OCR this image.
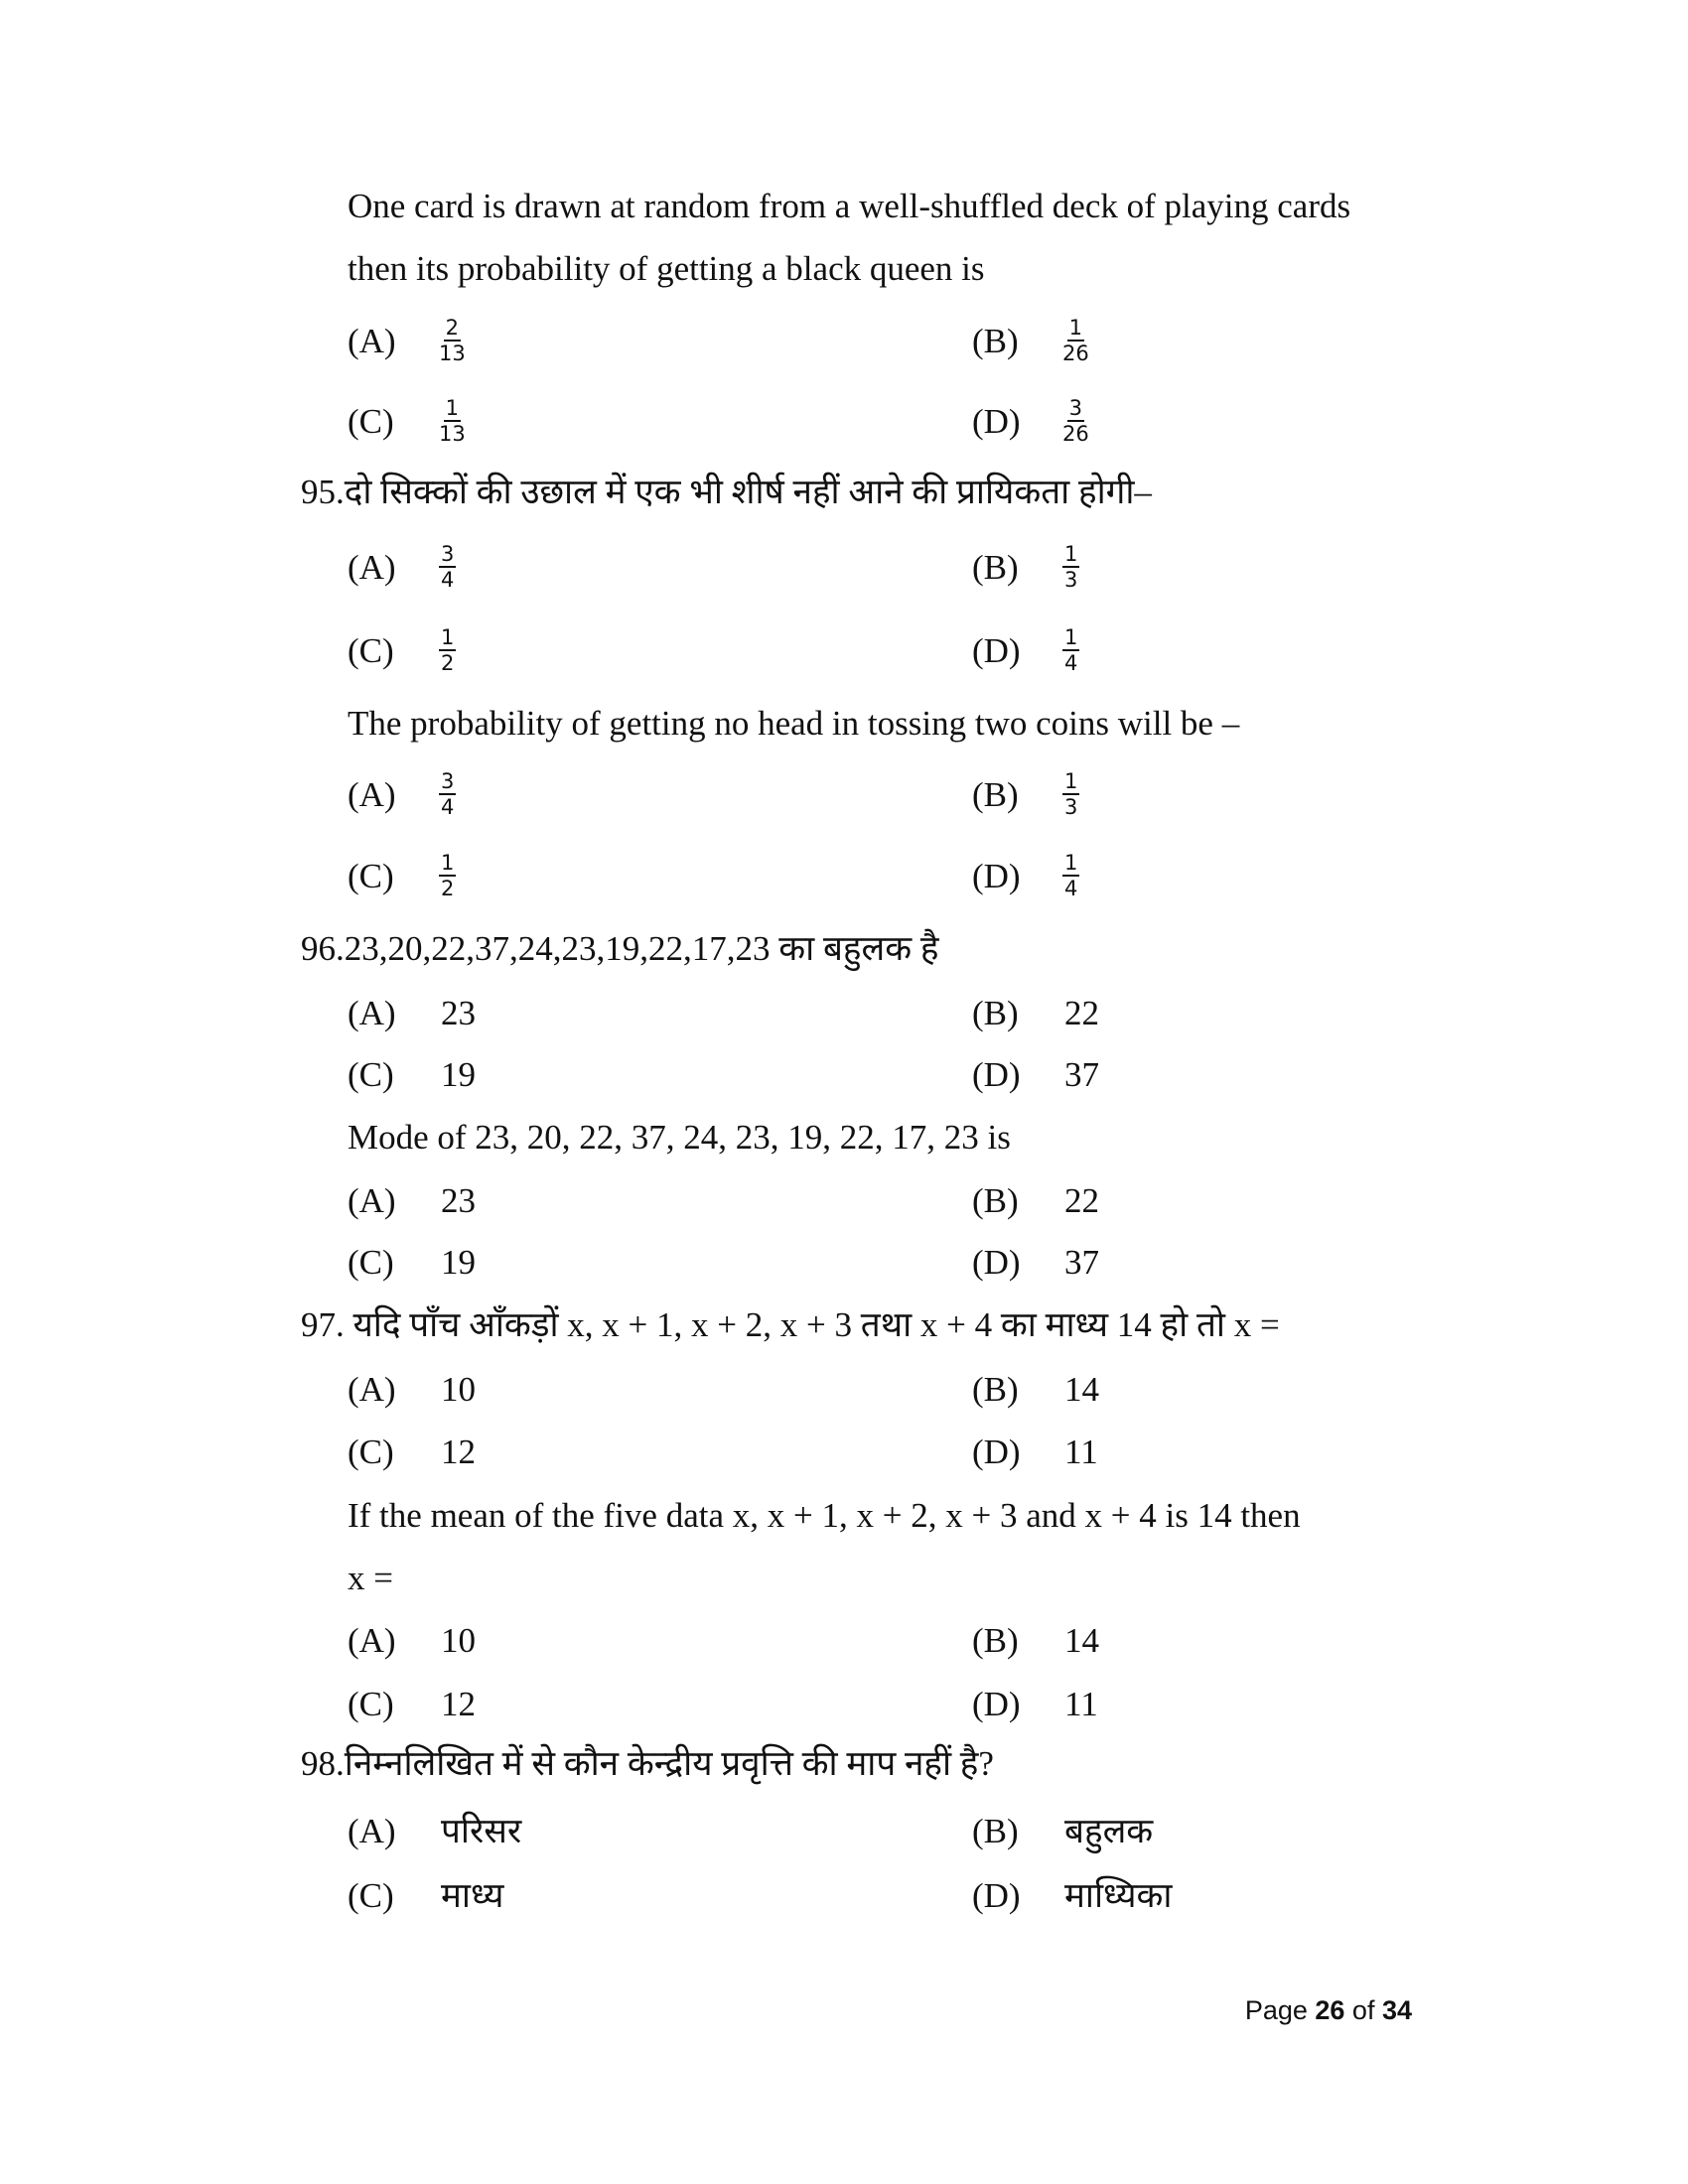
One card is drawn at random from a well-shuffled deck of playing cards
then its probability of getting a black queen is
$(A) \frac{2}{13}$	$(B) \frac{1}{26}$
$(C) \frac{1}{13}$	$(D) \frac{3}{26}$
95.दो सिक्कों की उछाल में एक भी शीर्ष नहीं आने की प्रायिकता होगी–
$(A) \frac{3}{4}$	$(B) \frac{1}{3}$
$(C) \frac{1}{2}$	$(D) \frac{1}{4}$
The probability of getting no head in tossing two coins will be –
$(A) \frac{3}{4}$	$(B) \frac{1}{3}$
$(C) \frac{1}{2}$	$(D) \frac{1}{4}$
96.23,20,22,37,24,23,19,22,17,23 का बहुलक है
(A) 23	(B) 22
(C) 19	(D) 37
Mode of 23, 20, 22, 37, 24, 23, 19, 22, 17, 23 is
(A) 23	(B) 22
(C) 19	(D) 37
97. यदि पाँच आँकड़ों x, x + 1, x + 2, x + 3 तथा x + 4 का माध्य 14 हो तो x =
(A) 10	(B) 14
(C) 12	(D) 11
If the mean of the five data x, x + 1, x + 2, x + 3 and x + 4 is 14 then
x =
(A) 10	(B) 14
(C) 12	(D) 11
98.निम्नलिखित में से कौन केन्द्रीय प्रवृत्ति की माप नहीं है?
(A) परिसर	(B) बहुलक
(C) माध्य	(D) माध्यिका
Page 26 of 34
